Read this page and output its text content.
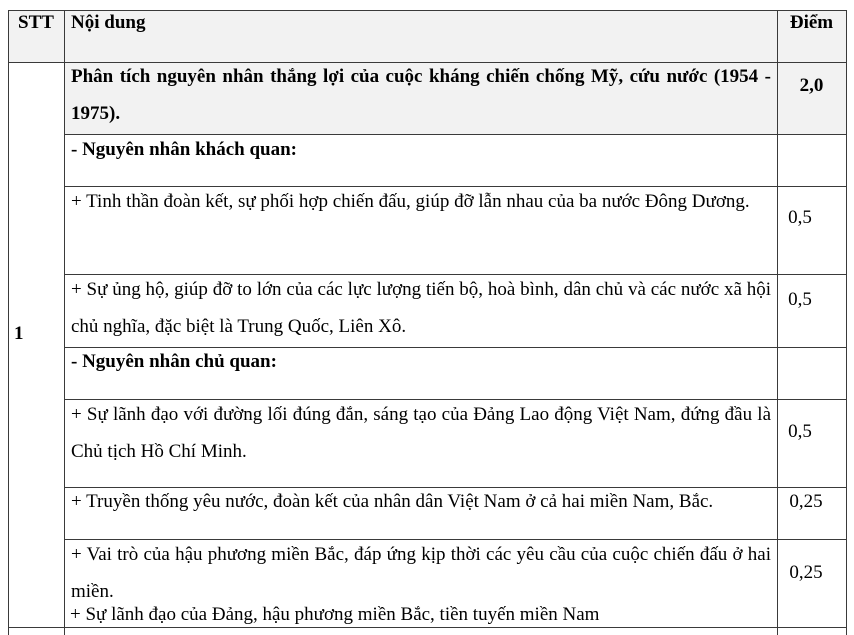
STT Nội dung	Điểm
1
Phân tích nguyên nhân thắng lợi của cuộc kháng chiến chống Mỹ, cứu nước (1954 - 1975).
2,0
- Nguyên nhân khách quan:
+ Tinh thần đoàn kết, sự phối hợp chiến đấu, giúp đỡ lẫn nhau của ba nước Đông Dương.
0,5
+ Sự ủng hộ, giúp đỡ to lớn của các lực lượng tiến bộ, hoà bình, dân chủ và các nước xã hội chủ nghĩa, đặc biệt là Trung Quốc, Liên Xô.
0,5
- Nguyên nhân chủ quan:
+ Sự lãnh đạo với đường lối đúng đắn, sáng tạo của Đảng Lao động Việt Nam, đứng đầu là Chủ tịch Hồ Chí Minh.
0,5
+ Truyền thống yêu nước, đoàn kết của nhân dân Việt Nam ở cả hai miền Nam, Bắc.	0,25
+ Vai trò của hậu phương miền Bắc, đáp ứng kịp thời các yêu cầu của cuộc chiến đấu ở hai miền.
0,25
+ Sự lãnh đạo của Đảng, hậu phương miền Bắc, tiền tuyến miền Nam
